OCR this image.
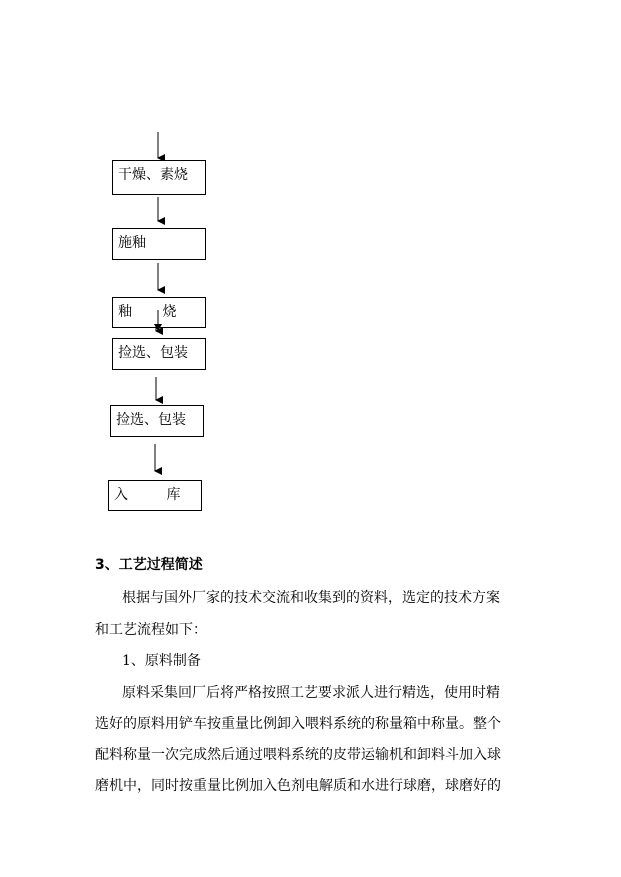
干燥、素烧
施釉
釉 烧
捡选、包装
捡选、包装
入 库
3、工艺过程简述
根据与国外厂家的技术交流和收集到的资料，选定的技术方案
和工艺流程如下：
1、原料制备
原料采集回厂后将严格按照工艺要求派人进行精选，使用时精
选好的原料用铲车按重量比例卸入喂料系统的称量箱中称量。整个
配料称量一次完成然后通过喂料系统的皮带运输机和卸料斗加入球
磨机中，同时按重量比例加入色剂电解质和水进行球磨，球磨好的
